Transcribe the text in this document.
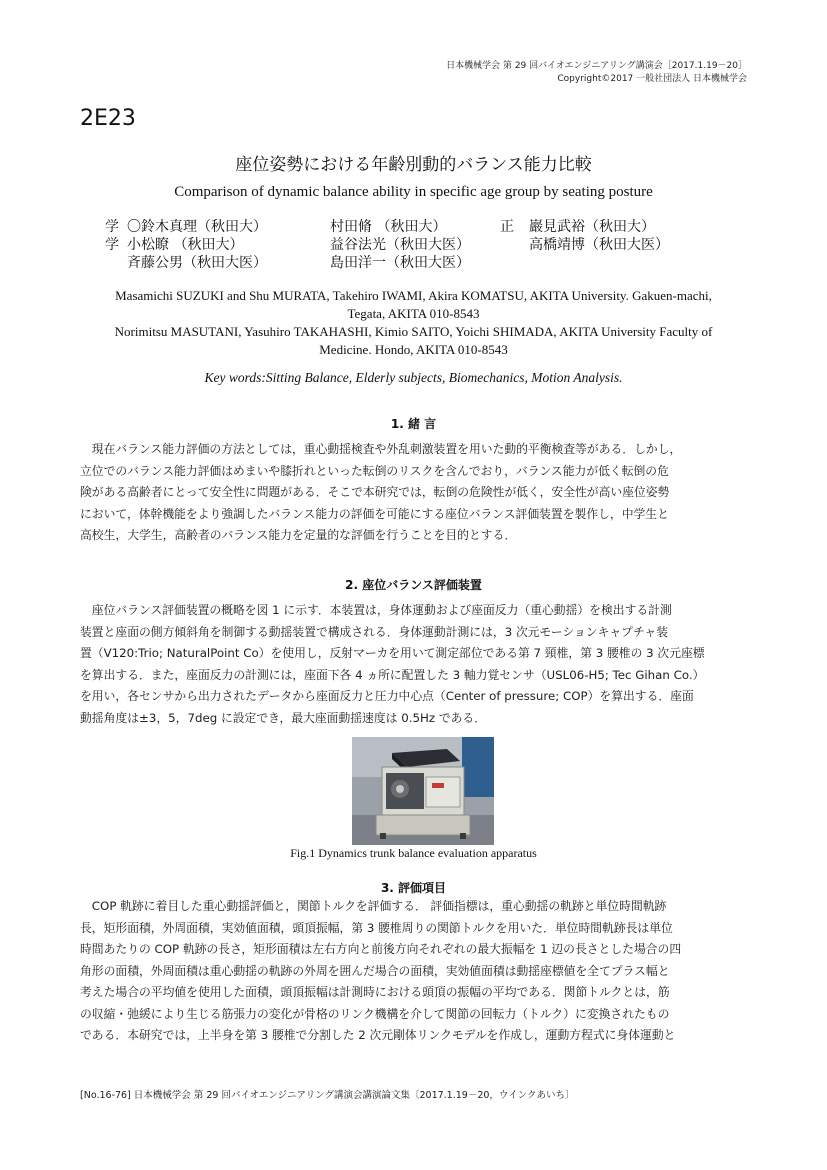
日本機械学会 第 29 回バイオエンジニアリング講演会［2017.1.19－20］
Copyright©2017 一般社団法人 日本機械学会
2E23
座位姿勢における年齢別動的バランス能力比較
Comparison of dynamic balance ability in specific age group by seating posture
学 〇鈴木真理（秋田大）	村田脩 （秋田大）	正 巖見武裕（秋田大）
学 小松瞭 （秋田大）	益谷法光（秋田大医）	高橋靖博（秋田大医）
斉藤公男（秋田大医）	島田洋一（秋田大医）
Masamichi SUZUKI and Shu MURATA, Takehiro IWAMI, Akira KOMATSU, AKITA University. Gakuen-machi,
Tegata, AKITA 010-8543
Norimitsu MASUTANI, Yasuhiro TAKAHASHI, Kimio SAITO, Yoichi SHIMADA, AKITA University Faculty of
Medicine. Hondo, AKITA 010-8543
Key words:Sitting Balance, Elderly subjects, Biomechanics, Motion Analysis.
1. 緒 言
　現在バランス能力評価の方法としては，重心動揺検査や外乱刺激装置を用いた動的平衡検査等がある．しかし，
立位でのバランス能力評価はめまいや膝折れといった転倒のリスクを含んでおり，バランス能力が低く転倒の危
険がある高齢者にとって安全性に問題がある．そこで本研究では，転倒の危険性が低く，安全性が高い座位姿勢
において，体幹機能をより強調したバランス能力の評価を可能にする座位バランス評価装置を製作し，中学生と
高校生，大学生，高齢者のバランス能力を定量的な評価を行うことを目的とする．
2. 座位バランス評価装置
　座位バランス評価装置の概略を図 1 に示す．本装置は，身体運動および座面反力（重心動揺）を検出する計測
装置と座面の側方傾斜角を制御する動揺装置で構成される．身体運動計測には，3 次元モーションキャプチャ装
置（V120:Trio; NaturalPoint Co）を使用し，反射マーカを用いて測定部位である第 7 頸椎，第 3 腰椎の 3 次元座標
を算出する．また，座面反力の計測には，座面下各 4 ヵ所に配置した 3 軸力覚センサ（USL06-H5; Tec Gihan Co.）
を用い，各センサから出力されたデータから座面反力と圧力中心点（Center of pressure; COP）を算出する．座面
動揺角度は±3，5，7deg に設定でき，最大座面動揺速度は 0.5Hz である．
Fig.1 Dynamics trunk balance evaluation apparatus
3. 評価項目
　COP 軌跡に着目した重心動揺評価と，関節トルクを評価する． 評価指標は，重心動揺の軌跡と単位時間軌跡
長，矩形面積，外周面積，実効値面積，頭頂振幅，第 3 腰椎周りの関節トルクを用いた．単位時間軌跡長は単位
時間あたりの COP 軌跡の長さ，矩形面積は左右方向と前後方向それぞれの最大振幅を 1 辺の長さとした場合の四
角形の面積，外周面積は重心動揺の軌跡の外周を囲んだ場合の面積，実効値面積は動揺座標値を全てプラス幅と
考えた場合の平均値を使用した面積，頭頂振幅は計測時における頭頂の振幅の平均である．関節トルクとは，筋
の収縮・弛緩により生じる筋張力の変化が骨格のリンク機構を介して関節の回転力（トルク）に変換されたもの
である．本研究では，上半身を第 3 腰椎で分割した 2 次元剛体リンクモデルを作成し，運動方程式に身体運動と
[No.16-76] 日本機械学会 第 29 回バイオエンジニアリング講演会講演論文集〔2017.1.19－20，ウインクあいち〕
